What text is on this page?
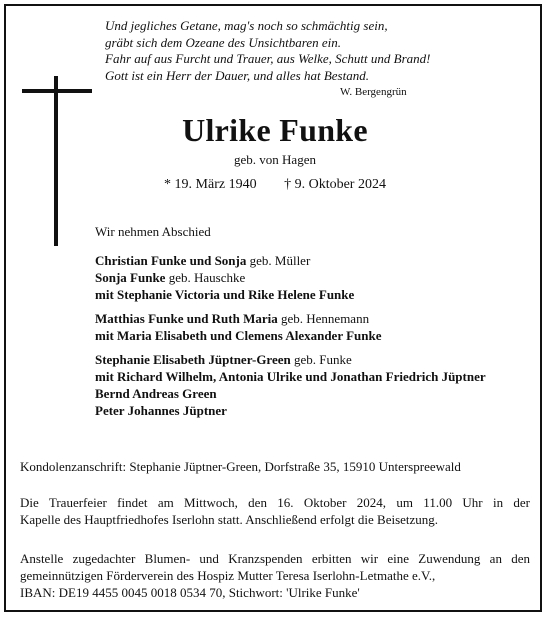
Und jegliches Getane, mag's noch so schmächtig sein,
gräbt sich dem Ozeane des Unsichtbaren ein.
Fahr auf aus Furcht und Trauer, aus Welke, Schutt und Brand!
Gott ist ein Herr der Dauer, und alles hat Bestand.
W. Bergengrün
Ulrike Funke
geb. von Hagen
* 19. März 1940 † 9. Oktober 2024
Wir nehmen Abschied
Christian Funke und Sonja geb. Müller
Sonja Funke geb. Hauschke
mit Stephanie Victoria und Rike Helene Funke
Matthias Funke und Ruth Maria geb. Hennemann
mit Maria Elisabeth und Clemens Alexander Funke
Stephanie Elisabeth Jüptner-Green geb. Funke
mit Richard Wilhelm, Antonia Ulrike und Jonathan Friedrich Jüptner
Bernd Andreas Green
Peter Johannes Jüptner
Kondolenzanschrift: Stephanie Jüptner-Green, Dorfstraße 35, 15910 Unterspreewald
Die Trauerfeier findet am Mittwoch, den 16. Oktober 2024, um 11.00 Uhr in der
Kapelle des Hauptfriedhofes Iserlohn statt. Anschließend erfolgt die Beisetzung.
Anstelle zugedachter Blumen- und Kranzspenden erbitten wir eine Zuwendung an den
gemeinnützigen Förderverein des Hospiz Mutter Teresa Iserlohn-Letmathe e.V.,
IBAN: DE19 4455 0045 0018 0534 70, Stichwort: 'Ulrike Funke'
